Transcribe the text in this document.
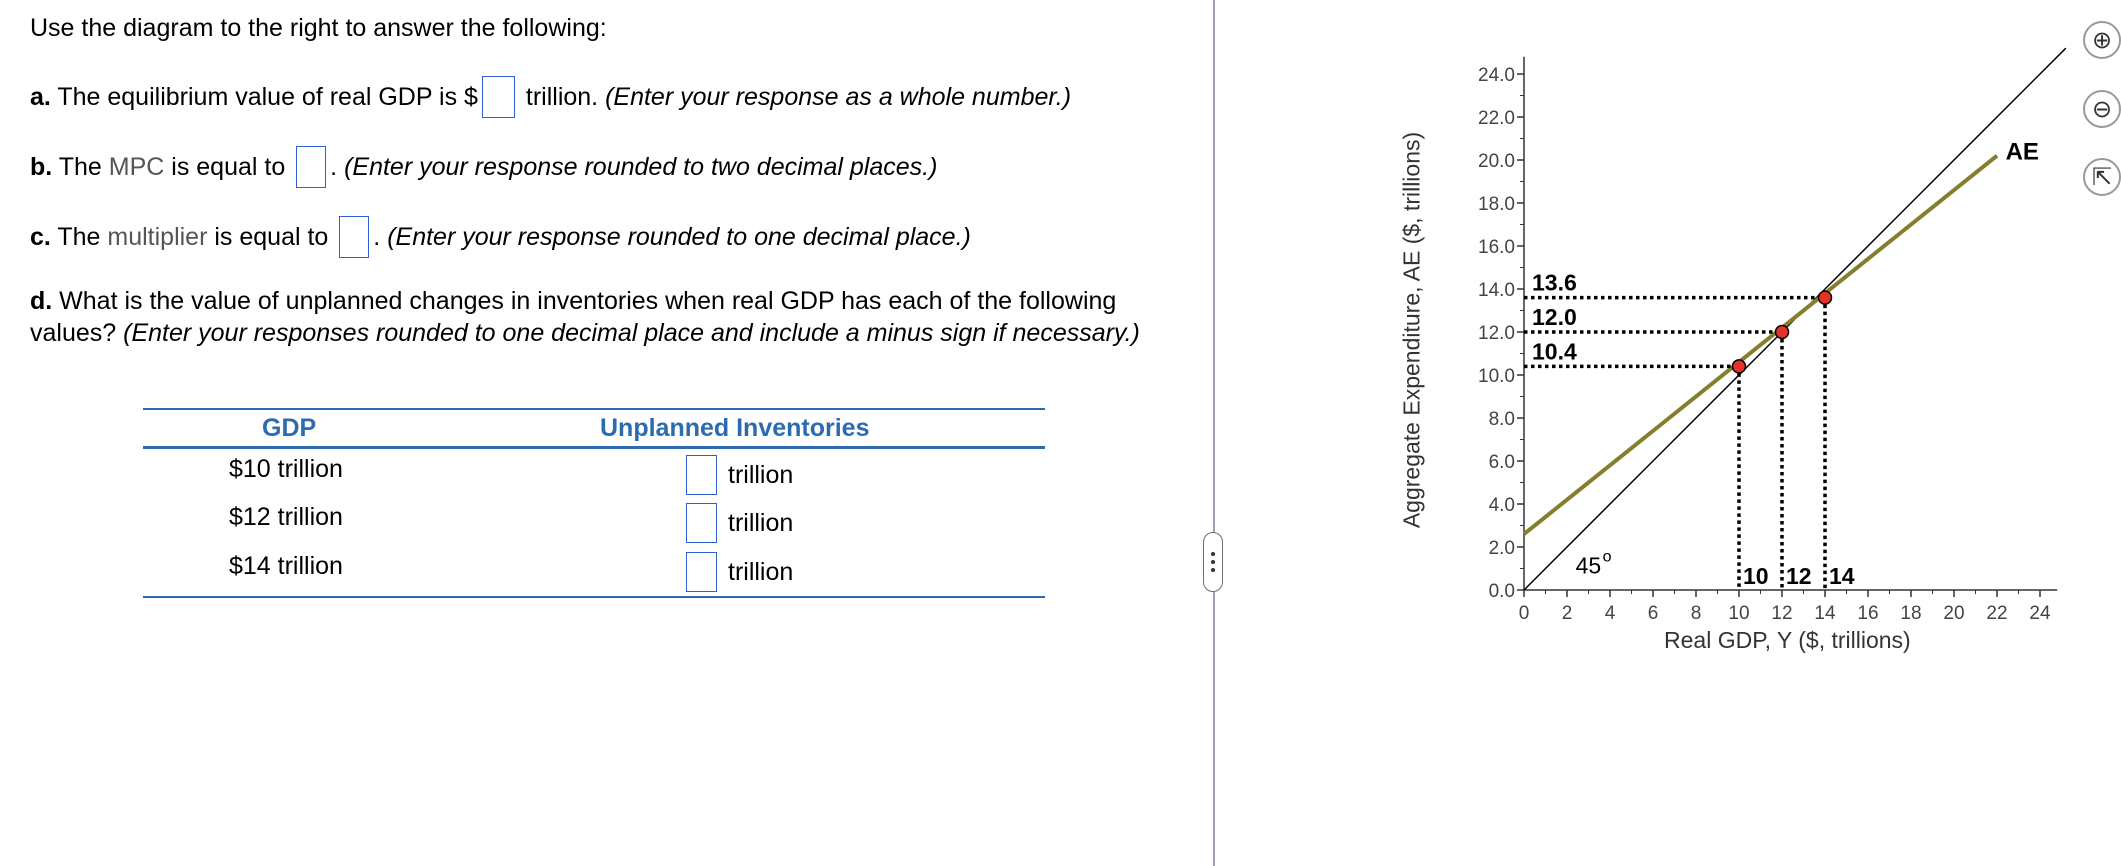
Use the diagram to the right to answer the following:
a. The equilibrium value of real GDP is $ trillion. (Enter your response as a whole number.)
b. The MPC is equal to . (Enter your response rounded to two decimal places.)
c. The multiplier is equal to . (Enter your response rounded to one decimal place.)
d. What is the value of unplanned changes in inventories when real GDP has each of the following values? (Enter your responses rounded to one decimal place and include a minus sign if necessary.)
GDP	Unplanned Inventories
$10 trillion	trillion
$12 trillion	trillion
$14 trillion	trillion
⊕
⊖
⇱
Aggregate Expenditure, AE ($, trillions)
Real GDP, Y ($, trillions)
0.0
2.0
4.0
6.0
8.0
10.0
12.0
14.0
16.0
18.0
20.0
22.0
24.0
0 2 4 6 8 10 12 14 16 18 20 22 24
13.6
12.0
10.4
10 12 14
45 o
AE
